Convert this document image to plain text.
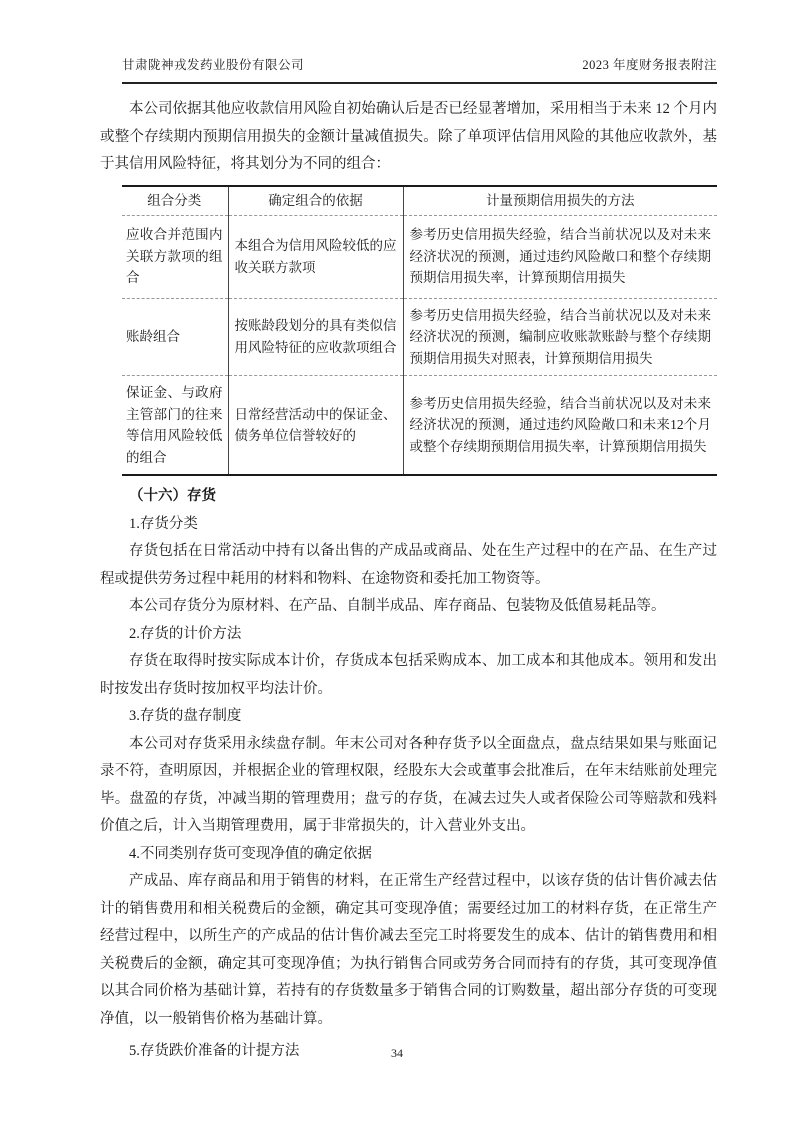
甘肃陇神戎发药业股份有限公司	2023 年度财务报表附注

本公司依据其他应收款信用风险自初始确认后是否已经显著增加，采用相当于未来 12 个月内或整个存续期内预期信用损失的金额计量减值损失。除了单项评估信用风险的其他应收款外，基于其信用风险特征，将其划分为不同的组合：

组合分类	确定组合的依据	计量预期信用损失的方法
应收合并范围内关联方款项的组合	本组合为信用风险较低的应收关联方款项	参考历史信用损失经验，结合当前状况以及对未来经济状况的预测，通过违约风险敞口和整个存续期预期信用损失率，计算预期信用损失
账龄组合	按账龄段划分的具有类似信用风险特征的应收款项组合	参考历史信用损失经验，结合当前状况以及对未来经济状况的预测，编制应收账款账龄与整个存续期预期信用损失对照表，计算预期信用损失
保证金、与政府主管部门的往来等信用风险较低的组合	日常经营活动中的保证金、债务单位信誉较好的	参考历史信用损失经验，结合当前状况以及对未来经济状况的预测，通过违约风险敞口和未来12个月或整个存续期预期信用损失率，计算预期信用损失

（十六）存货

1.存货分类

存货包括在日常活动中持有以备出售的产成品或商品、处在生产过程中的在产品、在生产过程或提供劳务过程中耗用的材料和物料、在途物资和委托加工物资等。

本公司存货分为原材料、在产品、自制半成品、库存商品、包装物及低值易耗品等。

2.存货的计价方法

存货在取得时按实际成本计价，存货成本包括采购成本、加工成本和其他成本。领用和发出时按发出存货时按加权平均法计价。

3.存货的盘存制度

本公司对存货采用永续盘存制。年末公司对各种存货予以全面盘点，盘点结果如果与账面记录不符，查明原因，并根据企业的管理权限，经股东大会或董事会批准后，在年末结账前处理完毕。盘盈的存货，冲减当期的管理费用；盘亏的存货，在减去过失人或者保险公司等赔款和残料价值之后，计入当期管理费用，属于非常损失的，计入营业外支出。

4.不同类别存货可变现净值的确定依据

产成品、库存商品和用于销售的材料，在正常生产经营过程中，以该存货的估计售价减去估计的销售费用和相关税费后的金额，确定其可变现净值；需要经过加工的材料存货，在正常生产经营过程中，以所生产的产成品的估计售价减去至完工时将要发生的成本、估计的销售费用和相关税费后的金额，确定其可变现净值；为执行销售合同或劳务合同而持有的存货，其可变现净值以其合同价格为基础计算，若持有的存货数量多于销售合同的订购数量，超出部分存货的可变现净值，以一般销售价格为基础计算。

5.存货跌价准备的计提方法	34
